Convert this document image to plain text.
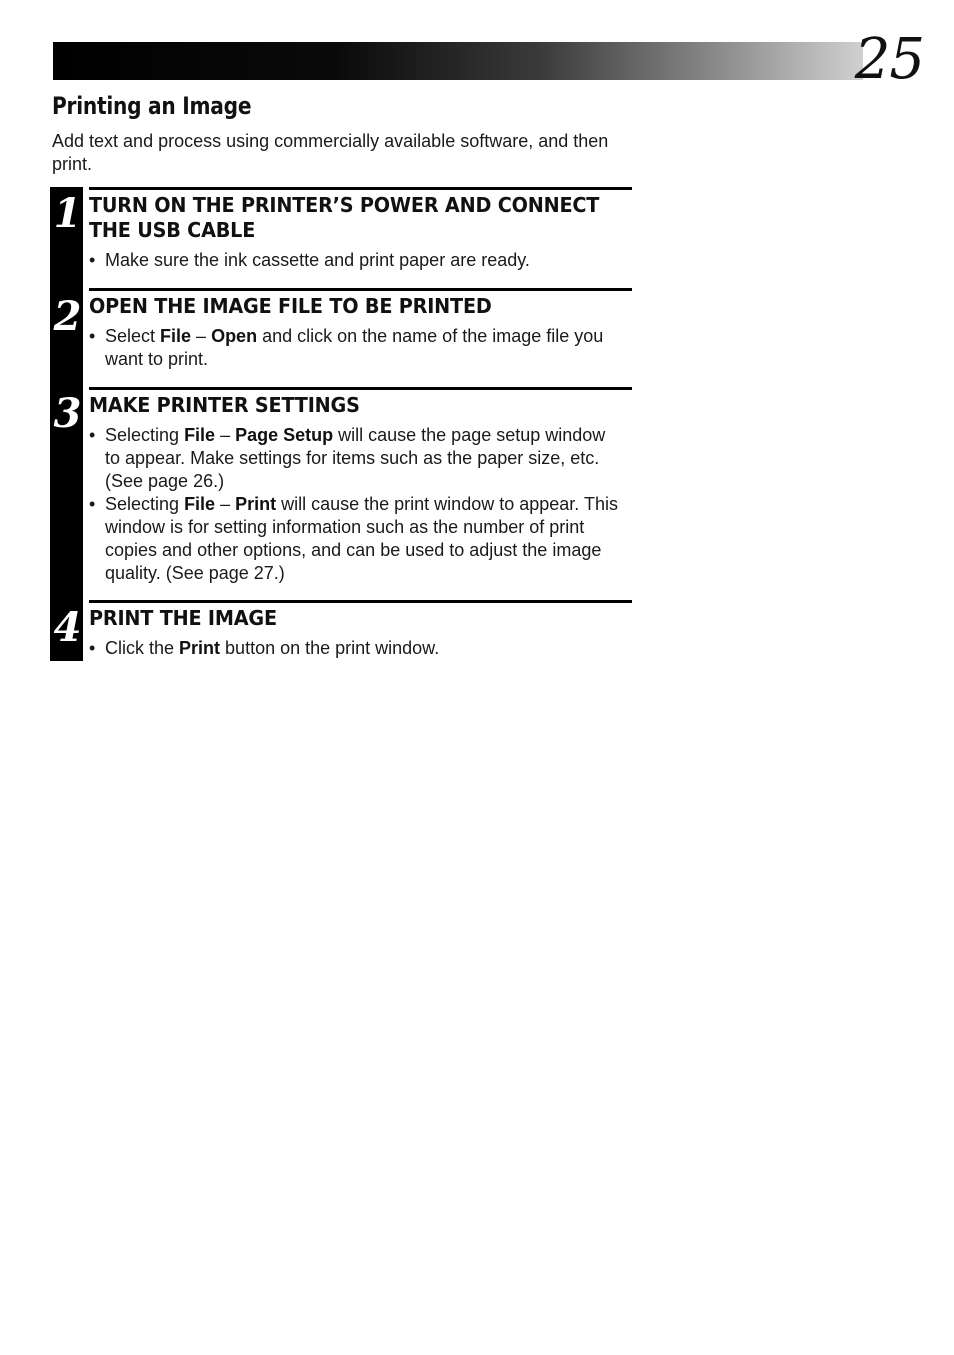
25
Printing an Image

Add text and process using commercially available software, and then print.

1 TURN ON THE PRINTER’S POWER AND CONNECT THE USB CABLE
• Make sure the ink cassette and print paper are ready.
2 OPEN THE IMAGE FILE TO BE PRINTED
• Select File – Open and click on the name of the image file you want to print.
3 MAKE PRINTER SETTINGS
• Selecting File – Page Setup will cause the page setup window to appear. Make settings for items such as the paper size, etc. (See page 26.)
• Selecting File – Print will cause the print window to appear. This window is for setting information such as the number of print copies and other options, and can be used to adjust the image quality. (See page 27.)
4 PRINT THE IMAGE
• Click the Print button on the print window.
